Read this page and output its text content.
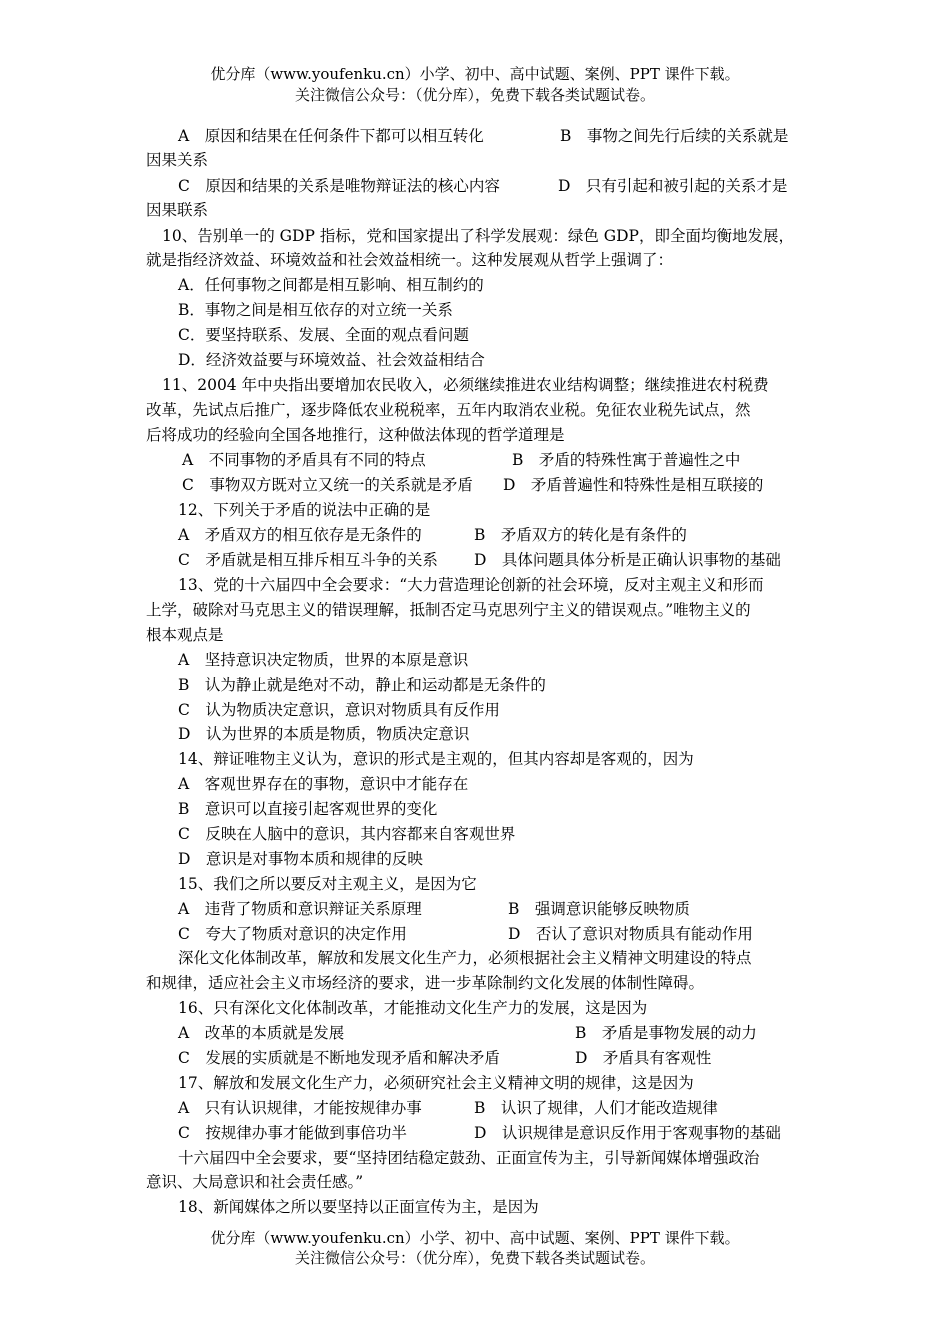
优分库（www.youfenku.cn）小学、初中、高中试题、案例、PPT 课件下载。
关注微信公众号：（优分库），免费下载各类试题试卷。
A　原因和结果在任何条件下都可以相互转化	B　事物之间先行后续的关系就是
因果关系
C　原因和结果的关系是唯物辩证法的核心内容	D　只有引起和被引起的关系才是
因果联系
10、告别单一的 GDP 指标，党和国家提出了科学发展观：绿色 GDP，即全面均衡地发展，
就是指经济效益、环境效益和社会效益相统一。这种发展观从哲学上强调了：
A．任何事物之间都是相互影响、相互制约的
B．事物之间是相互依存的对立统一关系
C．要坚持联系、发展、全面的观点看问题
D．经济效益要与环境效益、社会效益相结合
11、2004 年中央指出要增加农民收入，必须继续推进农业结构调整；继续推进农村税费
改革，先试点后推广，逐步降低农业税税率，五年内取消农业税。免征农业税先试点，然
后将成功的经验向全国各地推行，这种做法体现的哲学道理是
A　不同事物的矛盾具有不同的特点	B　矛盾的特殊性寓于普遍性之中
C　事物双方既对立又统一的关系就是矛盾 D　矛盾普遍性和特殊性是相互联接的
12、下列关于矛盾的说法中正确的是
A　矛盾双方的相互依存是无条件的	B　矛盾双方的转化是有条件的
C　矛盾就是相互排斥相互斗争的关系 D　具体问题具体分析是正确认识事物的基础
13、党的十六届四中全会要求：“大力营造理论创新的社会环境，反对主观主义和形而
上学，破除对马克思主义的错误理解，抵制否定马克思列宁主义的错误观点。”唯物主义的
根本观点是
A　坚持意识决定物质，世界的本原是意识
B　认为静止就是绝对不动，静止和运动都是无条件的
C　认为物质决定意识，意识对物质具有反作用
D　认为世界的本质是物质，物质决定意识
14、辩证唯物主义认为，意识的形式是主观的，但其内容却是客观的，因为
A　客观世界存在的事物，意识中才能存在
B　意识可以直接引起客观世界的变化
C　反映在人脑中的意识，其内容都来自客观世界
D　意识是对事物本质和规律的反映
15、我们之所以要反对主观主义，是因为它
A　违背了物质和意识辩证关系原理	B　强调意识能够反映物质
C　夸大了物质对意识的决定作用	D　否认了意识对物质具有能动作用
深化文化体制改革，解放和发展文化生产力，必须根据社会主义精神文明建设的特点
和规律，适应社会主义市场经济的要求，进一步革除制约文化发展的体制性障碍。
16、只有深化文化体制改革，才能推动文化生产力的发展，这是因为
A　改革的本质就是发展	B　矛盾是事物发展的动力
C　发展的实质就是不断地发现矛盾和解决矛盾	D　矛盾具有客观性
17、解放和发展文化生产力，必须研究社会主义精神文明的规律，这是因为
A　只有认识规律，才能按规律办事	B　认识了规律，人们才能改造规律
C　按规律办事才能做到事倍功半	D　认识规律是意识反作用于客观事物的基础
十六届四中全会要求，要“坚持团结稳定鼓劲、正面宣传为主，引导新闻媒体增强政治
意识、大局意识和社会责任感。”
18、新闻媒体之所以要坚持以正面宣传为主，是因为
优分库（www.youfenku.cn）小学、初中、高中试题、案例、PPT 课件下载。
关注微信公众号：（优分库），免费下载各类试题试卷。
